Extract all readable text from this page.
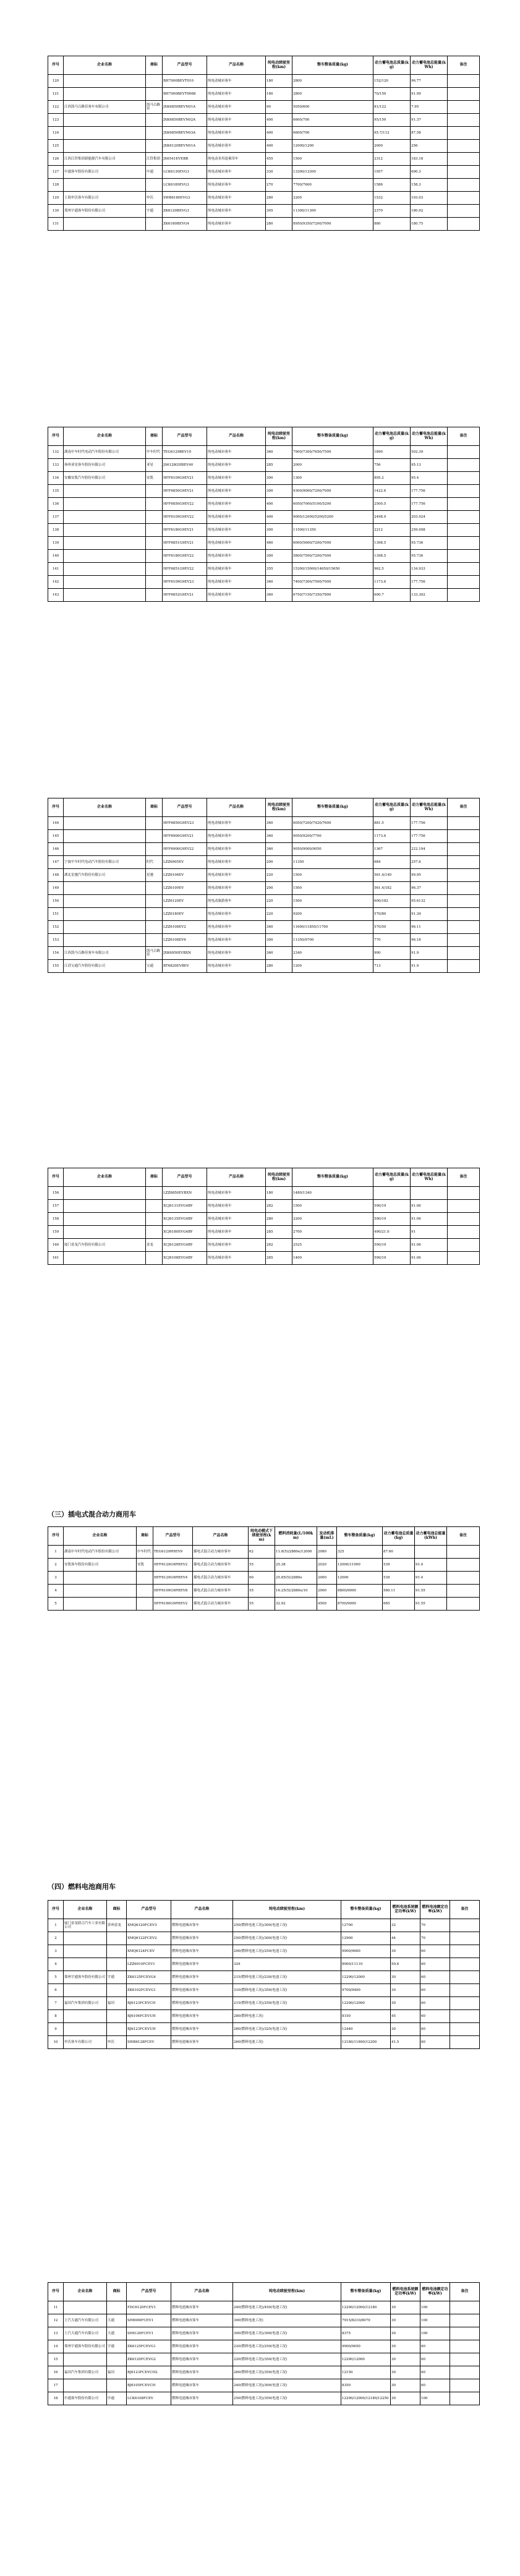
序号	企业名称	商标	产品型号	产品名称	纯电动续驶里程(km)	整车整备质量(kg)	动力蓄电池总质量(kg)	动力蓄电池总能量(kWh)	备注
120			BH7000BEVT010	纯电动城市客车	180	2800	152/120	96.77	
121			BH7000BEVT0068	纯电动城市客车	180	2800	70/150	91.99	
122	江西凯马百路佳客车有限公司	凯马百路佳	JXK6850BEVN01A	纯电动城市客车	90	5050/600	81/122	7.95	
123			JXK6850BEVN02A	纯电动城市客车	400	6600/700	95/150	91.37	
124			JXK6850BEVN03A	纯电动城市客车	400	6600/700	95.7/112	87.58	
125			JXK6120BEVN01A	纯电动城市客车	400	12000/1200	2000	256	
126	江西江铃集团新能源汽车有限公司	江铃集团	JX6541EVEBB	纯电动多用途乘用车	455	1500	2312	183.18	
127	中通客车股份有限公司	中通	LCK6130EVG3	纯电动城市客车	330	13300/13300	1957	690.3	
128			LCK6180EVG3	纯电动城市客车	270	7700/7600	1586	158.3	
129	上海申沃客车有限公司	申沃	SWB6180EVG3	纯电动城市客车	280	2200	1532	193.03	
130	郑州宇通客车股份有限公司	宇通	ZK6120BEVG3	纯电动城市客车	305	11300/11300	2370	180.02	
131			ZK6180BEVG4	纯电动城市客车	280	8950/9350/7200/7000	880	180.75	
序号	企业名称	商标	产品型号	产品名称	纯电动续驶里程(km)	整车整备质量(kg)	动力蓄电池总质量(kg)	动力蓄电池总能量(kWh)	备注
132	湖南中车时代电动汽车股份有限公司	中车时代	TEG6129BEV10	纯电动城市客车	360	7900/7300/7650/7500	1890	502.39	
133	扬州亚星客车股份有限公司	亚星	JS6128GHBEV40	纯电动城市客车	285	2000	756	95.13	
134	安徽安凯汽车股份有限公司	安凯	HFF6109G9EV21	纯电动城市客车	300	1300	895.2	95.4	
135			HFF6850G9EV21	纯电动城市客车	300	9300/9000/7200/7000	1422.6	177.756	
136			HFF6850G9EV22	纯电动城市客车	400	6050/7000/5100/5200	2500.5	177.756	
137			HFF6109G9EV22	纯电动城市客车	400	9000/12000/5200/5200	2498.9	203.924	
138			HFF6180G9EV21	纯电动城市客车	300	11500/11350	2212	259.098	
139			HFF6851G9EV21	纯电动城市客车	460	6000/5600/7200/7000	1398.5	95.736	
140			HFF6180G9EV22	纯电动城市客车	300	5800/7500/7200/7000	1398.5	95.736	
141			HFF6851G9EV22	纯电动城市客车	355	15300/15000/14650/15650	962.5	134.933	
142			HFF6109G9EV23	纯电动城市客车	360	7400/7300/7500/7000	1173.6	177.756	
143			HFF6852G9EV21	纯电动城市客车	360	6750/7150/7350/7800	600.7	133.302	
序号	企业名称	商标	产品型号	产品名称	纯电动续驶里程(km)	整车整备质量(kg)	动力蓄电池总质量(kg)	动力蓄电池总能量(kWh)	备注
144			HFF6850G9EV23	纯电动城市客车	360	6050/7200/7420/7600	881.5	177.756	
145			HFF6900G9EV21	纯电动城市客车	360	9050/9200/7700	1173.6	177.756	
146			HFF6900G9EV22	纯电动城市客车	360	9050/9000/9050	1367	222.194	
147	宁波中车时代电动汽车股份有限公司	时代	LZZ6905EV	纯电动城市客车	200	11350	684	257.6	
148	湖北星驰汽车股份有限公司	星驰	LZZ6106EV	纯电动城市客车	220	1500	561.4/140	99.95	
149			LZZ6109EV	纯电动城市客车	200	1500	561.4/182	96.37	
150			LZZ6129EV	纯电动旅游客车	220	1500	600/182	95.6132	
151			LZZ6180EV	纯电动城市客车	220	9200	570/80	91.34	
152			LZZ6108EV2	纯电动城市客车	360	11600/11850/11700	570/50	96.11	
153			LZZ6108EV6	纯电动城市客车	300	11350/9700	770	96.18	
154	江西凯马百路佳客车有限公司	凯马百路佳	JXK6950EVBXN	纯电动城市客车	360	2340	900	91.9	
155	江苏宝通汽车股份有限公司	宝通	BT6820EVBEV	纯电动城市客车	280	1200	713	91.9	
序号	企业名称	商标	产品型号	产品名称	纯电动续驶里程(km)	整车整备质量(kg)	动力蓄电池总质量(kg)	动力蓄电池总能量(kWh)	备注
156			LZZ6850EVBXN	纯电动城市客车	180	1480/1340			
157			XCJ6131EVG4BY	纯电动城市客车	282	1500	590/19	91.06	
158			XCJ6135EVG4BY	纯电动城市客车	280	2200	590/19	91.06	
159			XCJ6180EVG4BY	纯电动城市客车	285	2700	490/21.0	91	
160	厦门金龙汽车股份有限公司	金龙	XCJ6128EVG4BY	纯电动城市客车	282	2525	590/19	91.06	
161			XCJ6108EVG4BY	纯电动城市客车	285	1400	590/19	91.06	
（三）插电式混合动力商用车
序号	企业名称	商标	产品型号	产品名称	纯电动模式下续驶里程(km)	燃料消耗量(L/100km)	发动机排量(mL)	整车整备质量(kg)	动力蓄电池总质量(kg)	动力蓄电池总能量(kWh)	备注
1	湖南中车时代电动汽车股份有限公司	中车时代	TEG6129PHEV9	插电式混合动力城市客车	62	11.8(5)/2880e/12000	2080	325	87.60		
2	安凯客车股份有限公司	安凯	HFF6129G9PHEV2	插电式混合动力城市客车	55	25.38	2020	12000/11000	539	91.4	
3			HFF6129G9PHEV4	插电式混合动力城市客车	60	25.85(5)/2880e	2000	12000	539	91.4	
4			HFF6109G9PHEV8	插电式混合动力城市客车	55	16.25(5)/2880e/10	2000	8800/9000	560.11	91.55	
5			HFF6180G9PHEV2	插电式混合动力城市客车	55	32.92	4500	8700/9000	665	91.55	
（四）燃料电池商用车
序号	企业名称	商标	产品型号	产品名称	纯电动续驶里程(km)	整车整备质量(kg)	燃料电池系统额定功率(kW)	燃料电池额定功率(kW)	备注
1	厦门金龙联合汽车工业有限公司	苏州金龙	XMQ6120FCEV3	燃料电池城市客车	250(燃料电池工况)/300(电池工况)	12700	32	70	
2			XMQ6122FCEV2	燃料电池城市客车	250(燃料电池工况)/300(电池工况)	12900	44	70	
3			XMQ6124FCEV	燃料电池城市客车	200(燃料电池工况)/250(电池工况)	9900/9600	30	60	
4			LZZ6910FCEV1	燃料电池城市客车	329	8900/11110	50.6	60	
5	郑州宇通客车股份有限公司	宇通	ZK6125FCEVG4	燃料电池城市客车	215(燃料电池工况)/230(电池工况)	12290/12000	30	60	
6			ZK6102FCEVG1	燃料电池城市客车	310(燃料电池工况)/350(电池工况)	9700/9400	30	60	
7	福田汽车集团有限公司	福田	BJ6123FCEVCH	燃料电池城市客车	215(燃料电池工况)/250(电池工况)	12290/12000	30	60	
8			BJ6106FCEVUH	燃料电池城市客车	280(燃料电池工况)	8150	45	60	
9			BJ6123FCEVUH	燃料电池城市客车	280(燃料电池工况)/325(电池工况)	12440	30	60	
10	申沃客车有限公司	申沃	SWB6128FCEV	燃料电池城市客车	260(燃料电池工况)	12180/11890/12200	41.5	60	
序号	企业名称	商标	产品型号	产品名称	纯电动续驶里程(km)	整车整备质量(kg)	燃料电池系统额定功率(kW)	燃料电池额定功率(kW)	备注
11			FDC6120FCEV1	燃料电池城市客车	240(燃料电池工况)/450(电池工况)	12290/12000/12180	30	100	
12	上汽大通汽车有限公司	大通	SH6900FCEV1	燃料电池城市客车	300(燃料电池工况)	7915/8210/8070	30	100	
13	上汽大通汽车有限公司	大通	SH6120FCEV1	燃料电池城市客车	300(燃料电池工况)/390(电池工况)	8375	30	100	
14	郑州宇通客车股份有限公司	宇通	ZK6125FCEVG1	燃料电池城市客车	220(燃料电池工况)/250(电池工况)	9900/9650	30	60	
15			ZK6120FCEVG2	燃料电池城市客车	220(燃料电池工况)/350(电池工况)	12290/12000	30	60	
16	福田汽车集团有限公司	福田	BJ6123FCEVCH2	燃料电池城市客车	260(燃料电池工况)/350(电池工况)	12150	30	60	
17			BJ6105FCEVCH	燃料电池城市客车	240(燃料电池工况)/300(电池工况)	8350	30	60	
18	中通客车股份有限公司	中通	LCK6108FCEV	燃料电池城市客车	250(燃料电池工况)/350(电池工况)	12290/12000/12180/12250	30	100	
